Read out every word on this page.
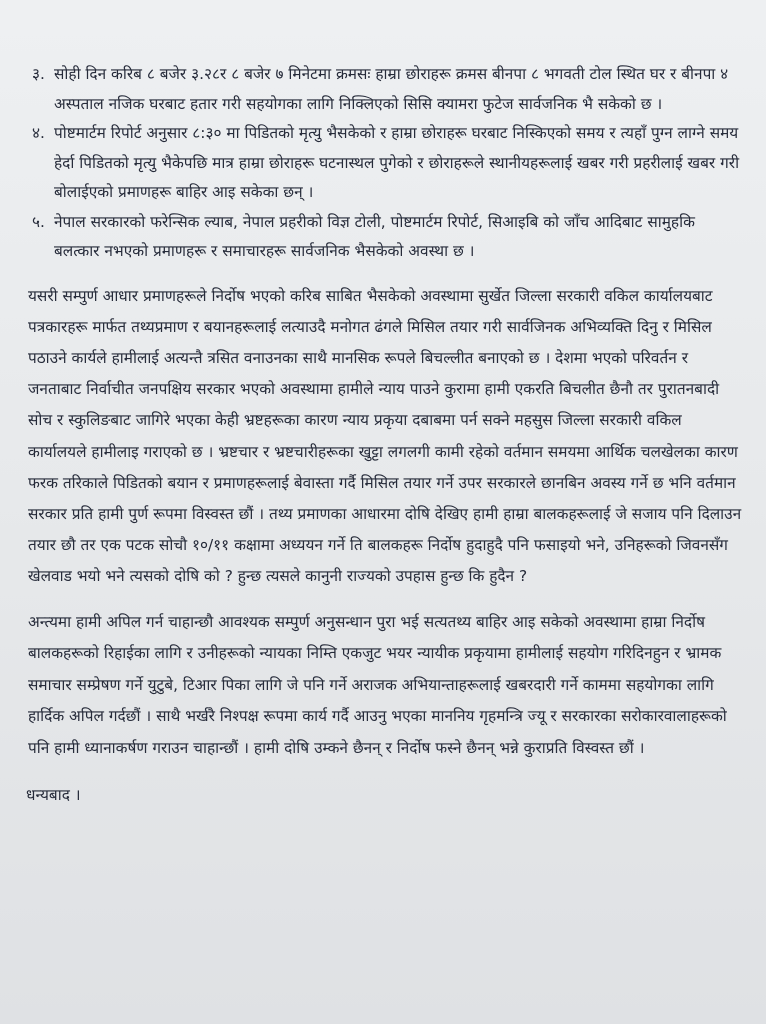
३. सोही दिन करिब ८ बजेर ३.२८र ८ बजेर ७ मिनेटमा क्रमसः हाम्रा छोराहरू क्रमस बीनपा ८ भगवती टोल स्थित घर र बीनपा ४ अस्पताल नजिक घरबाट हतार गरी सहयोगका लागि निक्लिएको सिसि क्यामरा फुटेज सार्वजनिक भै सकेको छ ।
४. पोष्टमार्टम रिपोर्ट अनुसार ८:३० मा पिडितको मृत्यु भैसकेको र हाम्रा छोराहरू घरबाट निस्किएको समय र त्यहाँ पुग्न लाग्ने समय हेर्दा पिडितको मृत्यु भैकेपछि मात्र हाम्रा छोराहरू घटनास्थल पुगेको र छोराहरूले स्थानीयहरूलाई खबर गरी प्रहरीलाई खबर गरी बोलाईएको प्रमाणहरू बाहिर आइ सकेका छन् ।
५. नेपाल सरकारको फरेन्सिक ल्याब, नेपाल प्रहरीको विज्ञ टोली, पोष्टमार्टम रिपोर्ट, सिआइबि को जाँच आदिबाट सामुहकि बलत्कार नभएको प्रमाणहरू र समाचारहरू सार्वजनिक भैसकेको अवस्था छ ।

यसरी सम्पुर्ण आधार प्रमाणहरूले निर्दोष भएको करिब साबित भैसकेको अवस्थामा सुर्खेत जिल्ला सरकारी वकिल कार्यालयबाट पत्रकारहरू मार्फत तथ्यप्रमाण र बयानहरूलाई लत्याउदै मनोगत ढंगले मिसिल तयार गरी सार्वजिनक अभिव्यक्ति दिनु र मिसिल पठाउने कार्यले हामीलाई अत्यन्तै त्रसित वनाउनका साथै मानसिक रूपले बिचल्लीत बनाएको छ । देशमा भएको परिवर्तन र जनताबाट निर्वाचीत जनपक्षिय सरकार भएको अवस्थामा हामीले न्याय पाउने कुरामा हामी एकरति बिचलीत छैनौ तर पुरातनबादी सोच र स्कुलिङबाट जागिरे भएका केही भ्रष्टहरूका कारण न्याय प्रकृया दबाबमा पर्न सक्ने महसुस जिल्ला सरकारी वकिल कार्यालयले हामीलाइ गराएको छ । भ्रष्टचार र भ्रष्टचारीहरूका खुट्टा लगलगी कामी रहेको वर्तमान समयमा आर्थिक चलखेलका कारण फरक तरिकाले पिडितको बयान र प्रमाणहरूलाई बेवास्ता गर्दै मिसिल तयार गर्ने उपर सरकारले छानबिन अवस्य गर्ने छ भनि वर्तमान सरकार प्रति हामी पुर्ण रूपमा विस्वस्त छौं । तथ्य प्रमाणका आधारमा दोषि देखिए हामी हाम्रा बालकहरूलाई जे सजाय पनि दिलाउन तयार छौ तर एक पटक सोचौ १०/११ कक्षामा अध्ययन गर्ने ति बालकहरू निर्दोष हुदाहुदै पनि फसाइयो भने, उनिहरूको जिवनसँग खेलवाड भयो भने त्यसको दोषि को ? हुन्छ त्यसले कानुनी राज्यको उपहास हुन्छ कि हुदैन ?

अन्त्यमा हामी अपिल गर्न चाहान्छौ आवश्यक सम्पुर्ण अनुसन्धान पुरा भई सत्यतथ्य बाहिर आइ सकेको अवस्थामा हाम्रा निर्दोष बालकहरूको रिहाईका लागि र उनीहरूको न्यायका निम्ति एकजुट भयर न्यायीक प्रकृयामा हामीलाई सहयोग गरिदिनहुन र भ्रामक समाचार सम्प्रेषण गर्ने युटुबे, टिआर पिका लागि जे पनि गर्ने अराजक अभियान्ताहरूलाई खबरदारी गर्ने काममा सहयोगका लागि हार्दिक अपिल गर्दछौं । साथै भर्खरै निश्पक्ष रूपमा कार्य गर्दै आउनु भएका माननिय गृहमन्त्रि ज्यू र सरकारका सरोकारवालाहरूको पनि हामी ध्यानाकर्षण गराउन चाहान्छौं । हामी दोषि उम्कने छैनन् र निर्दोष फस्ने छैनन् भन्ने कुराप्रति विस्वस्त छौं ।

धन्यबाद ।
